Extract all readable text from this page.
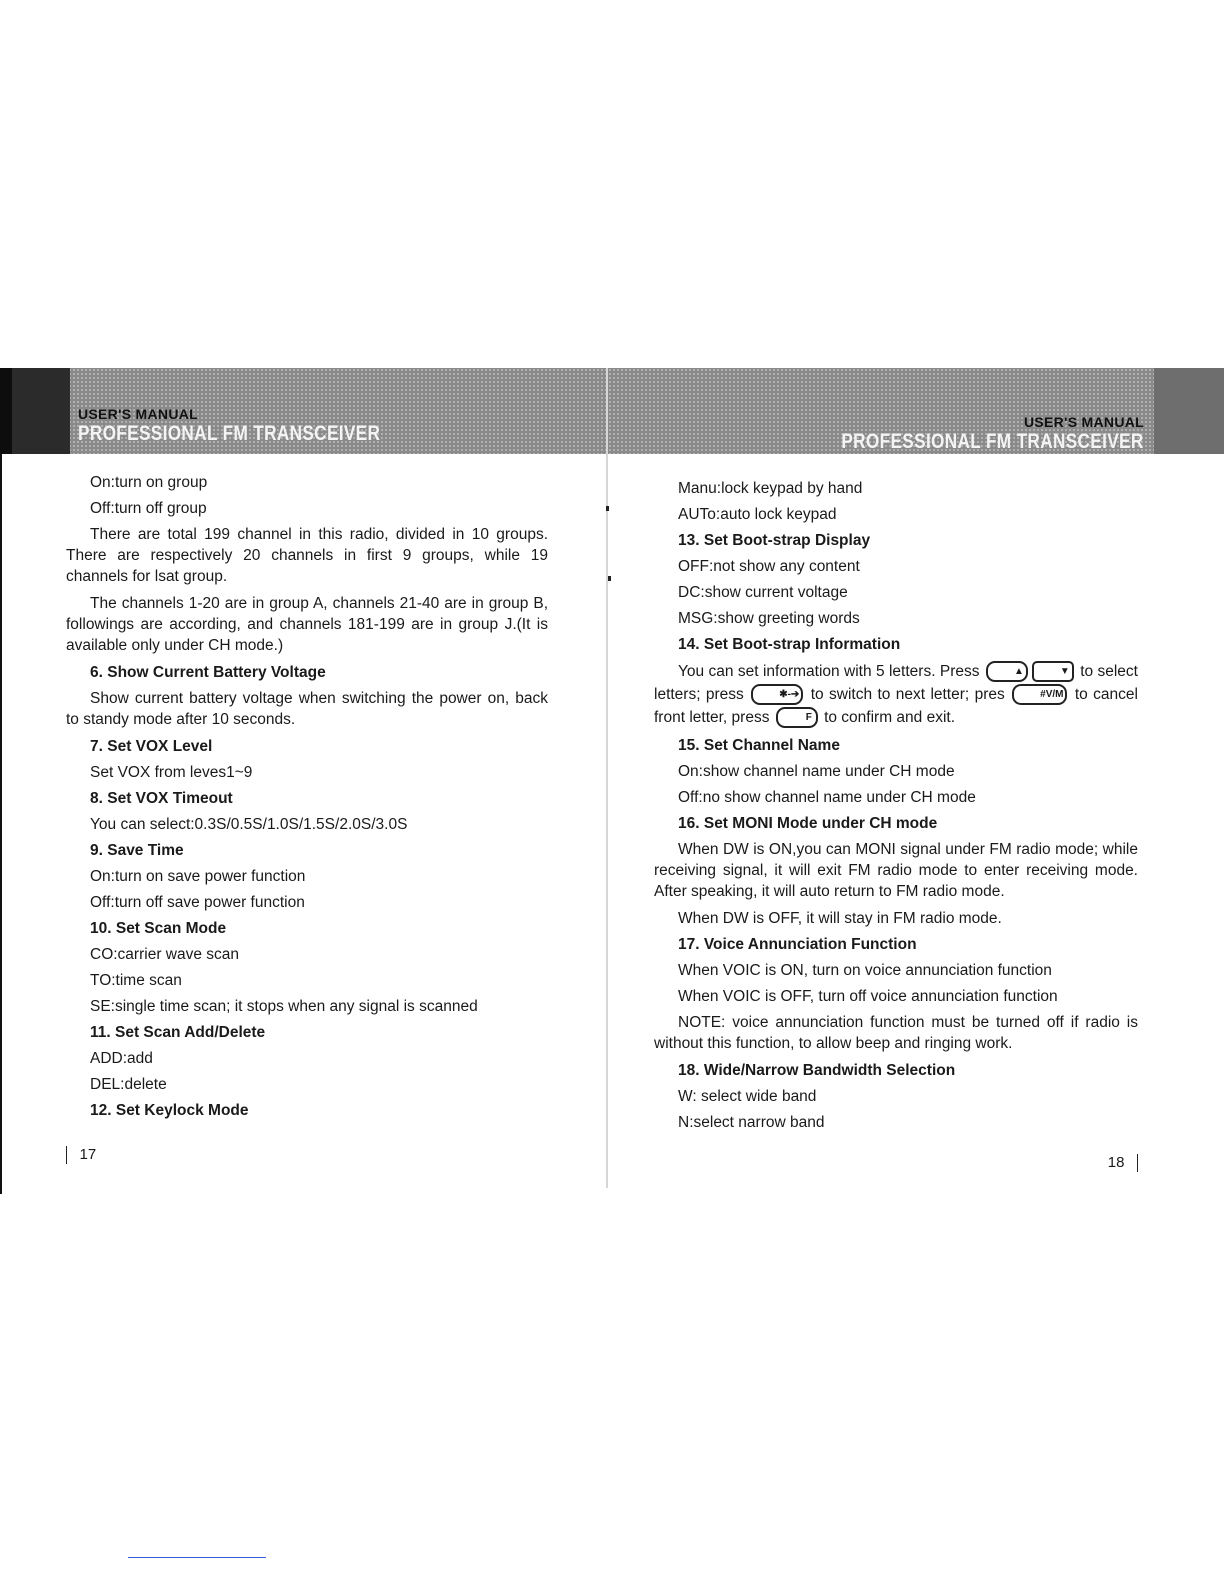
USER'S MANUAL
PROFESSIONAL FM TRANSCEIVER
On:turn on group
Off:turn off group
There are total 199 channel in this radio, divided in 10 groups. There are respectively 20 channels in first 9 groups, while 19 channels for lsat group.
The channels 1-20 are in group A, channels 21-40 are in group B, followings are according, and channels 181-199 are in group J.(It is available only under CH mode.)
6. Show Current Battery Voltage
Show current battery voltage when switching the power on, back to standy mode after 10 seconds.
7. Set VOX Level
Set VOX from leves1~9
8. Set VOX Timeout
You can select:0.3S/0.5S/1.0S/1.5S/2.0S/3.0S
9. Save Time
On:turn on save power function
Off:turn off save power function
10. Set Scan Mode
CO:carrier wave scan
TO:time scan
SE:single time scan; it stops when any signal is scanned
11. Set Scan Add/Delete
ADD:add
DEL:delete
12. Set Keylock Mode
17
USER'S MANUAL
PROFESSIONAL FM TRANSCEIVER
Manu:lock keypad by hand
AUTo:auto lock keypad
13. Set Boot-strap Display
OFF:not show any content
DC:show current voltage
MSG:show greeting words
14. Set Boot-strap Information
You can set information with 5 letters. Press	▲	▼ to select letters; press	✱-➔ to switch to next letter; pres	#V/M to cancel front letter, press	F to confirm and exit.
15. Set Channel Name
On:show channel name under CH mode
Off:no show channel name under CH mode
16. Set MONI Mode under CH mode
When DW is ON,you can MONI signal under FM radio mode; while receiving signal, it will exit FM radio mode to enter receiving mode. After speaking, it will auto return to FM radio mode.
When DW is OFF, it will stay in FM radio mode.
17. Voice Annunciation Function
When VOIC is ON, turn on voice annunciation function
When VOIC is OFF, turn off voice annunciation function
NOTE: voice annunciation function must be turned off if radio is without this function, to allow beep and ringing work.
18. Wide/Narrow Bandwidth Selection
W: select wide band
N:select narrow band
18
